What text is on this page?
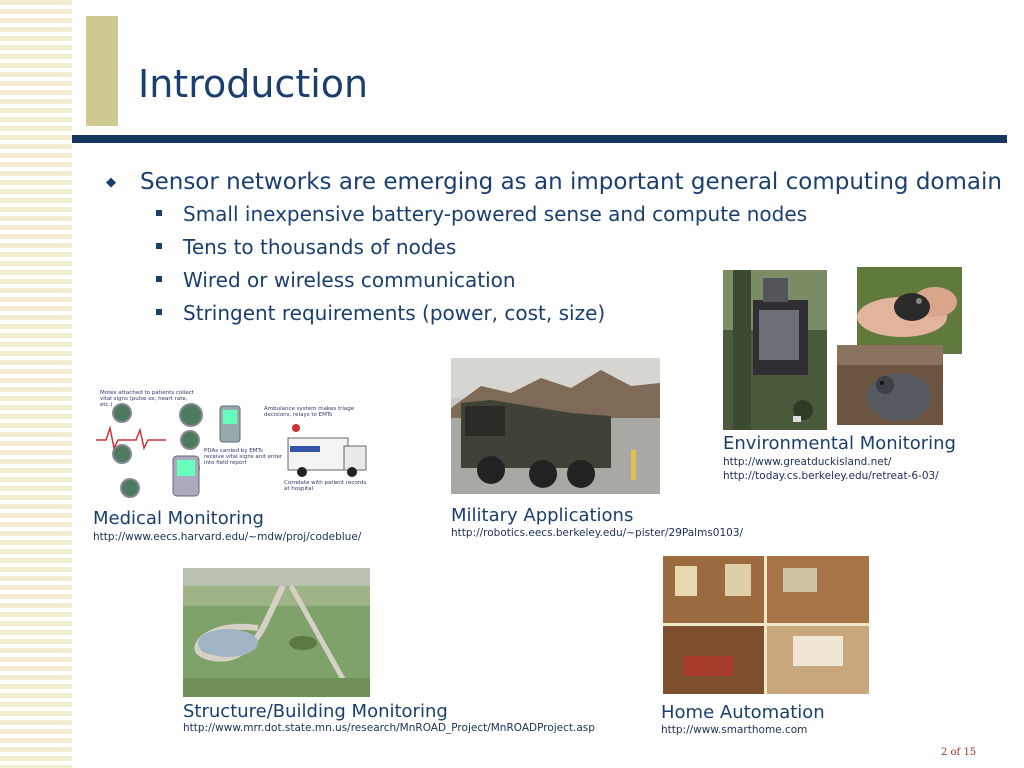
Introduction
◆ Sensor networks are emerging as an important general computing domain
Small inexpensive battery-powered sense and compute nodes
Tens to thousands of nodes
Wired or wireless communication
Stringent requirements (power, cost, size)
Environmental Monitoring
http://www.greatduckisland.net/
http://today.cs.berkeley.edu/retreat-6-03/
Motes attached to patients collect vital signs (pulse ox, heart rate, etc.)
Ambulance system makes triage decisions, relays to EMTs
PDAs carried by EMTs receive vital signs and enter into field report
Correlate with patient records at hospital
Medical Monitoring
http://www.eecs.harvard.edu/~mdw/proj/codeblue/
Military Applications
http://robotics.eecs.berkeley.edu/~pister/29Palms0103/
Structure/Building Monitoring
http://www.mrr.dot.state.mn.us/research/MnROAD_Project/MnROADProject.asp
Home Automation
http://www.smarthome.com
2 of 15
